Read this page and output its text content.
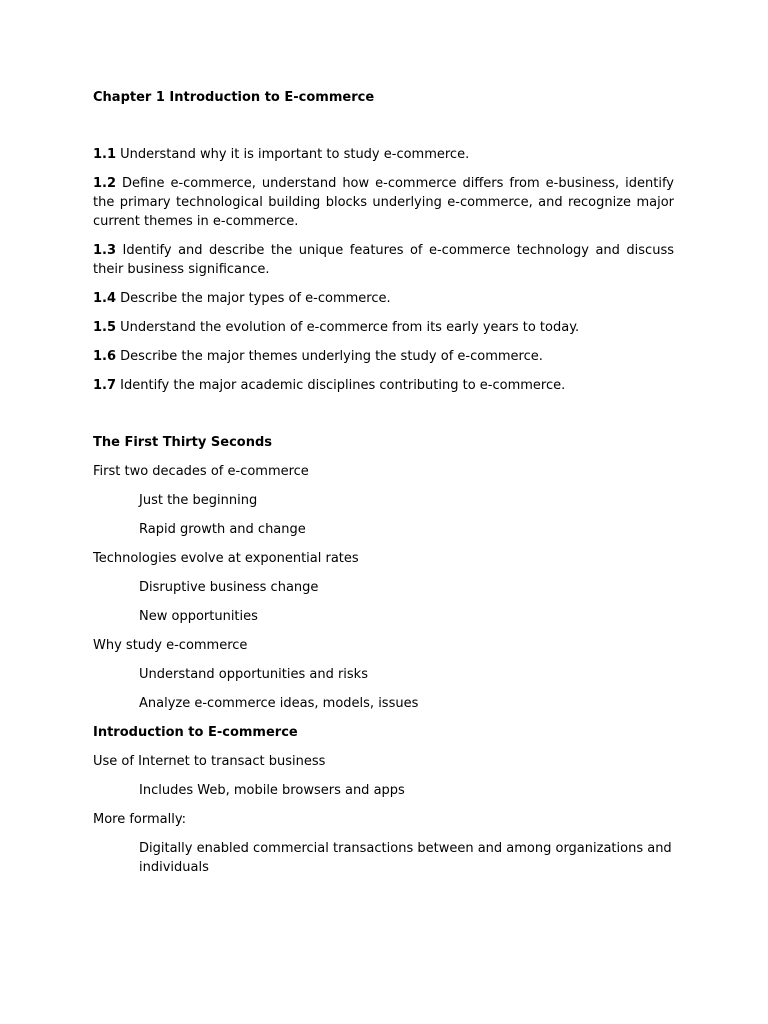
Chapter 1 Introduction to E-commerce

1.1 Understand why it is important to study e-commerce.

1.2 Define e-commerce, understand how e-commerce differs from e-business, identify the primary technological building blocks underlying e-commerce, and recognize major current themes in e-commerce.

1.3 Identify and describe the unique features of e-commerce technology and discuss their business significance.

1.4 Describe the major types of e-commerce.

1.5 Understand the evolution of e-commerce from its early years to today.

1.6 Describe the major themes underlying the study of e-commerce.

1.7 Identify the major academic disciplines contributing to e-commerce.

The First Thirty Seconds

First two decades of e-commerce

Just the beginning

Rapid growth and change

Technologies evolve at exponential rates

Disruptive business change

New opportunities

Why study e-commerce

Understand opportunities and risks

Analyze e-commerce ideas, models, issues

Introduction to E-commerce

Use of Internet to transact business

Includes Web, mobile browsers and apps

More formally:

Digitally enabled commercial transactions between and among organizations and individuals
